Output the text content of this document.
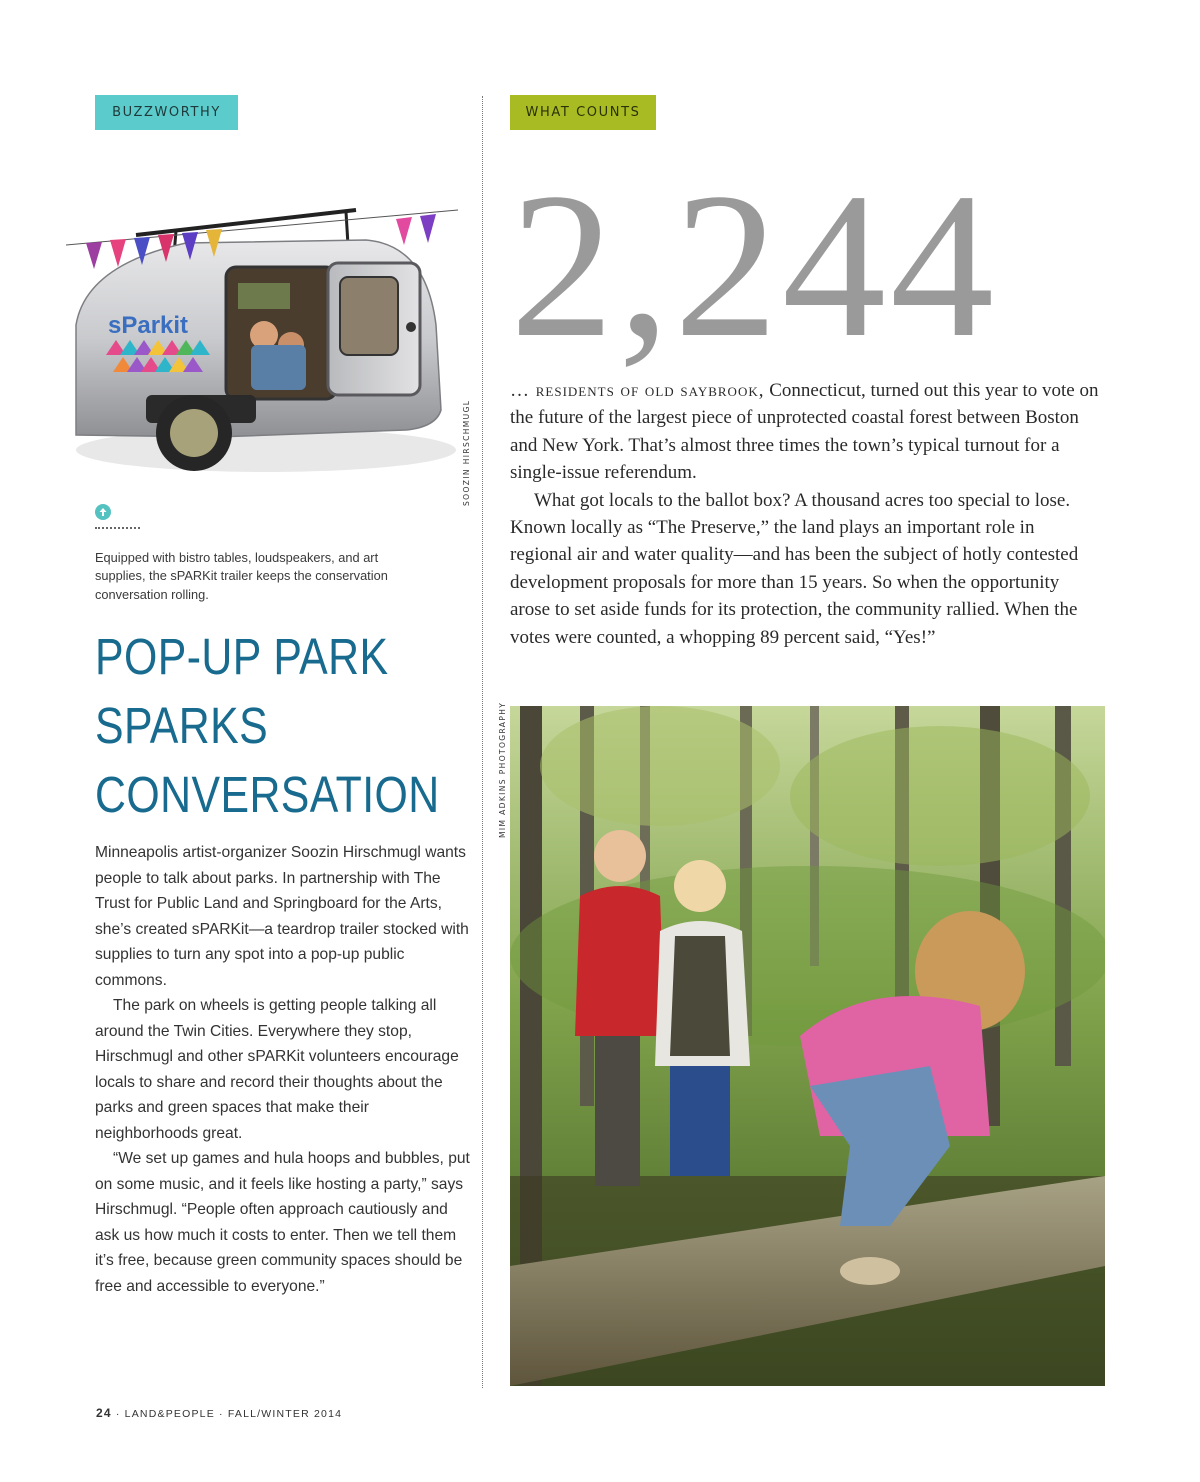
BUZZWORTHY	WHAT COUNTS
sParkit
SOOZIN HIRSCHMUGL
Equipped with bistro tables, loudspeakers, and art supplies, the sPARKit trailer keeps the conservation conversation rolling.
POP-UP PARK
SPARKS
CONVERSATION

Minneapolis artist-organizer Soozin Hirschmugl wants people to talk about parks. In partnership with The Trust for Public Land and Springboard for the Arts, she’s created sPARKit—a teardrop trailer stocked with supplies to turn any spot into a pop-up public commons.

The park on wheels is getting people talking all around the Twin Cities. Everywhere they stop, Hirschmugl and other sPARKit volunteers encourage locals to share and record their thoughts about the parks and green spaces that make their neighborhoods great.

“We set up games and hula hoops and bubbles, put on some music, and it feels like hosting a party,” says Hirschmugl. “People often approach cautiously and ask us how much it costs to enter. Then we tell them it’s free, because green community spaces should be free and accessible to everyone.”

2,244

… residents of old saybrook, Connecticut, turned out this year to vote on the future of the largest piece of unprotected coastal forest between Boston and New York. That’s almost three times the town’s typical turnout for a single-issue referendum.

What got locals to the ballot box? A thousand acres too special to lose. Known locally as “The Preserve,” the land plays an important role in regional air and water quality—and has been the subject of hotly contested development proposals for more than 15 years. So when the opportunity arose to set aside funds for its protection, the community rallied. When the votes were counted, a whopping 89 percent said, “Yes!”

MIM ADKINS PHOTOGRAPHY
24 · LAND&PEOPLE · FALL/WINTER 2014
